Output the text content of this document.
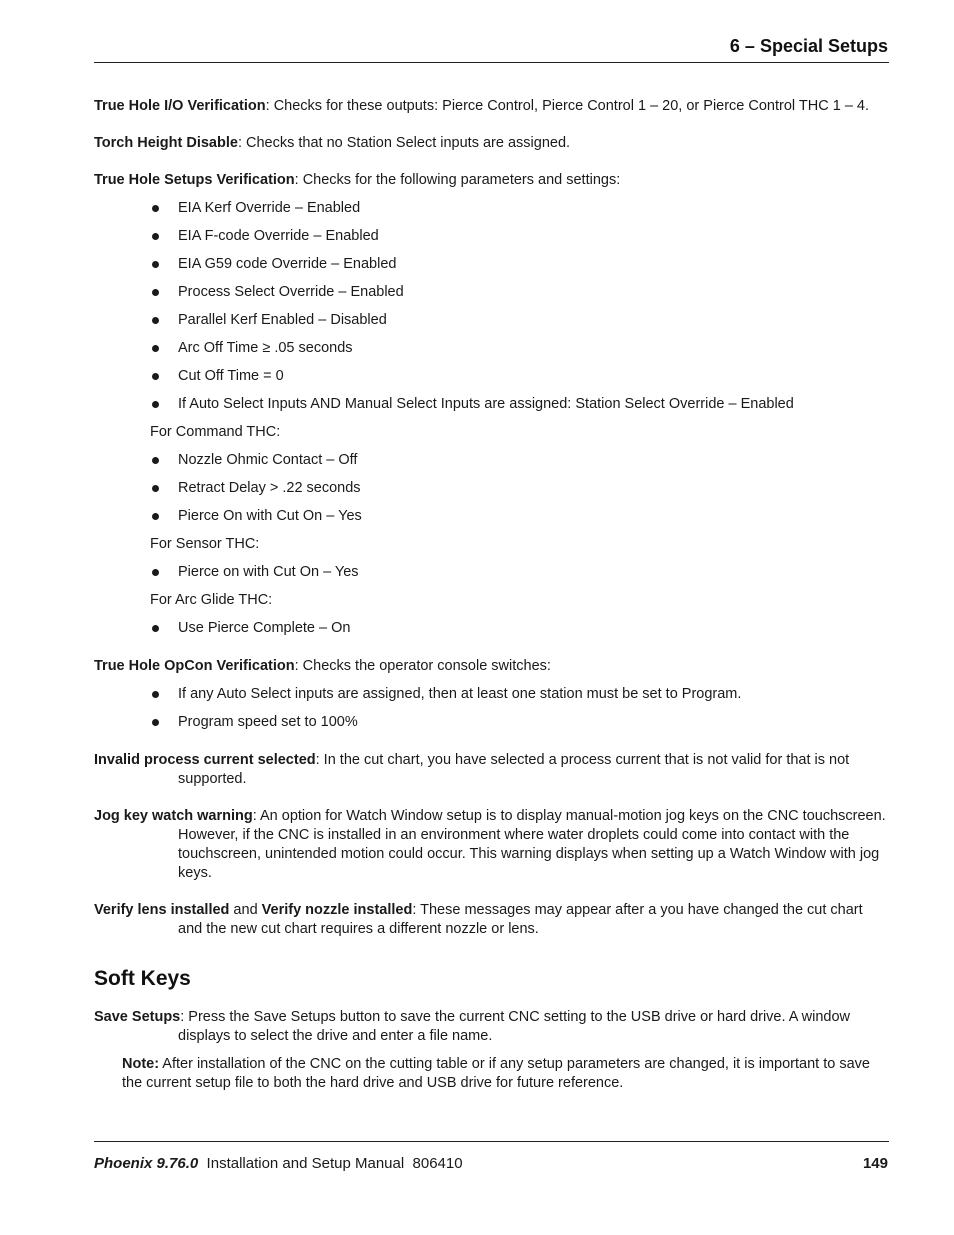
6 – Special Setups

True Hole I/O Verification: Checks for these outputs: Pierce Control, Pierce Control 1 – 20, or Pierce Control THC 1 – 4.

Torch Height Disable: Checks that no Station Select inputs are assigned.

True Hole Setups Verification: Checks for the following parameters and settings:

EIA Kerf Override – Enabled
EIA F-code Override – Enabled
EIA G59 code Override – Enabled
Process Select Override – Enabled
Parallel Kerf Enabled – Disabled
Arc Off Time ≥ .05 seconds
Cut Off Time = 0
If Auto Select Inputs AND Manual Select Inputs are assigned: Station Select Override – Enabled
For Command THC:
Nozzle Ohmic Contact – Off
Retract Delay > .22 seconds
Pierce On with Cut On – Yes
For Sensor THC:
Pierce on with Cut On – Yes
For Arc Glide THC:
Use Pierce Complete – On

True Hole OpCon Verification: Checks the operator console switches:

If any Auto Select inputs are assigned, then at least one station must be set to Program.
Program speed set to 100%

Invalid process current selected: In the cut chart, you have selected a process current that is not valid for that is not supported.

Jog key watch warning: An option for Watch Window setup is to display manual-motion jog keys on the CNC touchscreen. However, if the CNC is installed in an environment where water droplets could come into contact with the touchscreen, unintended motion could occur. This warning displays when setting up a Watch Window with jog keys.

Verify lens installed and Verify nozzle installed: These messages may appear after a you have changed the cut chart and the new cut chart requires a different nozzle or lens.

Soft Keys

Save Setups: Press the Save Setups button to save the current CNC setting to the USB drive or hard drive. A window displays to select the drive and enter a file name.

Note: After installation of the CNC on the cutting table or if any setup parameters are changed, it is important to save the current setup file to both the hard drive and USB drive for future reference.

Phoenix 9.76.0  Installation and Setup Manual  806410	149
